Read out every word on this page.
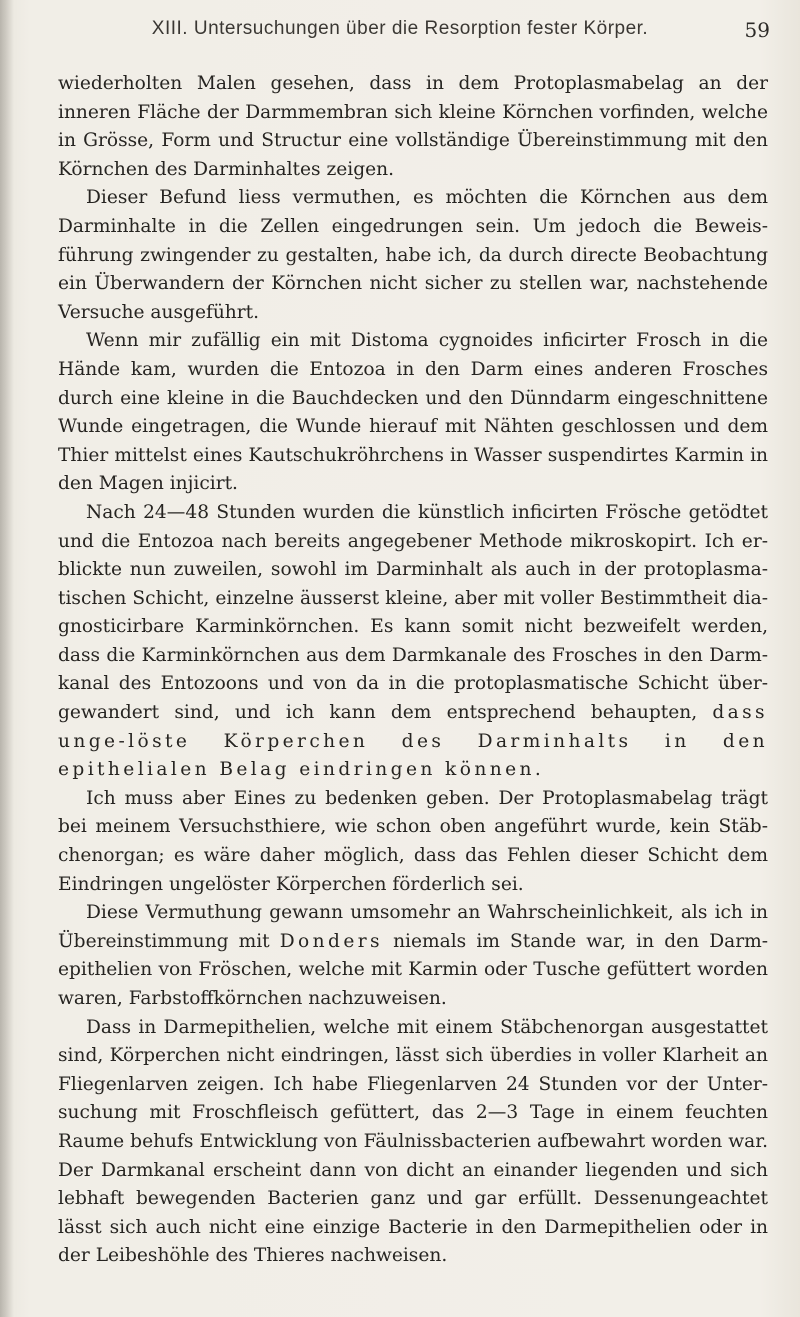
XIII. Untersuchungen über die Resorption fester Körper.	59

wiederholten Malen gesehen, dass in dem Protoplasmabelag an der inneren Fläche der Darmmembran sich kleine Körnchen vorfinden, welche in Grösse, Form und Structur eine vollständige Übereinstimmung mit den Körnchen des Darminhaltes zeigen.

Dieser Befund liess vermuthen, es möchten die Körnchen aus dem Darminhalte in die Zellen eingedrungen sein. Um jedoch die Beweis-führung zwingender zu gestalten, habe ich, da durch directe Beobachtung ein Überwandern der Körnchen nicht sicher zu stellen war, nachstehende Versuche ausgeführt.

Wenn mir zufällig ein mit Distoma cygnoides inficirter Frosch in die Hände kam, wurden die Entozoa in den Darm eines anderen Frosches durch eine kleine in die Bauchdecken und den Dünndarm eingeschnittene Wunde eingetragen, die Wunde hierauf mit Nähten geschlossen und dem Thier mittelst eines Kautschukröhrchens in Wasser suspendirtes Karmin in den Magen injicirt.

Nach 24—48 Stunden wurden die künstlich inficirten Frösche getödtet und die Entozoa nach bereits angegebener Methode mikroskopirt. Ich er-blickte nun zuweilen, sowohl im Darminhalt als auch in der protoplasma-tischen Schicht, einzelne äusserst kleine, aber mit voller Bestimmtheit dia-gnosticirbare Karminkörnchen. Es kann somit nicht bezweifelt werden, dass die Karminkörnchen aus dem Darmkanale des Frosches in den Darm-kanal des Entozoons und von da in die protoplasmatische Schicht über-gewandert sind, und ich kann dem entsprechend behaupten, dass unge-löste Körperchen des Darminhalts in den epithelialen Belag eindringen können.

Ich muss aber Eines zu bedenken geben. Der Protoplasmabelag trägt bei meinem Versuchsthiere, wie schon oben angeführt wurde, kein Stäb-chenorgan; es wäre daher möglich, dass das Fehlen dieser Schicht dem Eindringen ungelöster Körperchen förderlich sei.

Diese Vermuthung gewann umsomehr an Wahrscheinlichkeit, als ich in Übereinstimmung mit Donders niemals im Stande war, in den Darm-epithelien von Fröschen, welche mit Karmin oder Tusche gefüttert worden waren, Farbstoffkörnchen nachzuweisen.

Dass in Darmepithelien, welche mit einem Stäbchenorgan ausgestattet sind, Körperchen nicht eindringen, lässt sich überdies in voller Klarheit an Fliegenlarven zeigen. Ich habe Fliegenlarven 24 Stunden vor der Unter-suchung mit Froschfleisch gefüttert, das 2—3 Tage in einem feuchten Raume behufs Entwicklung von Fäulnissbacterien aufbewahrt worden war. Der Darmkanal erscheint dann von dicht an einander liegenden und sich lebhaft bewegenden Bacterien ganz und gar erfüllt. Dessenungeachtet lässt sich auch nicht eine einzige Bacterie in den Darmepithelien oder in der Leibeshöhle des Thieres nachweisen.
